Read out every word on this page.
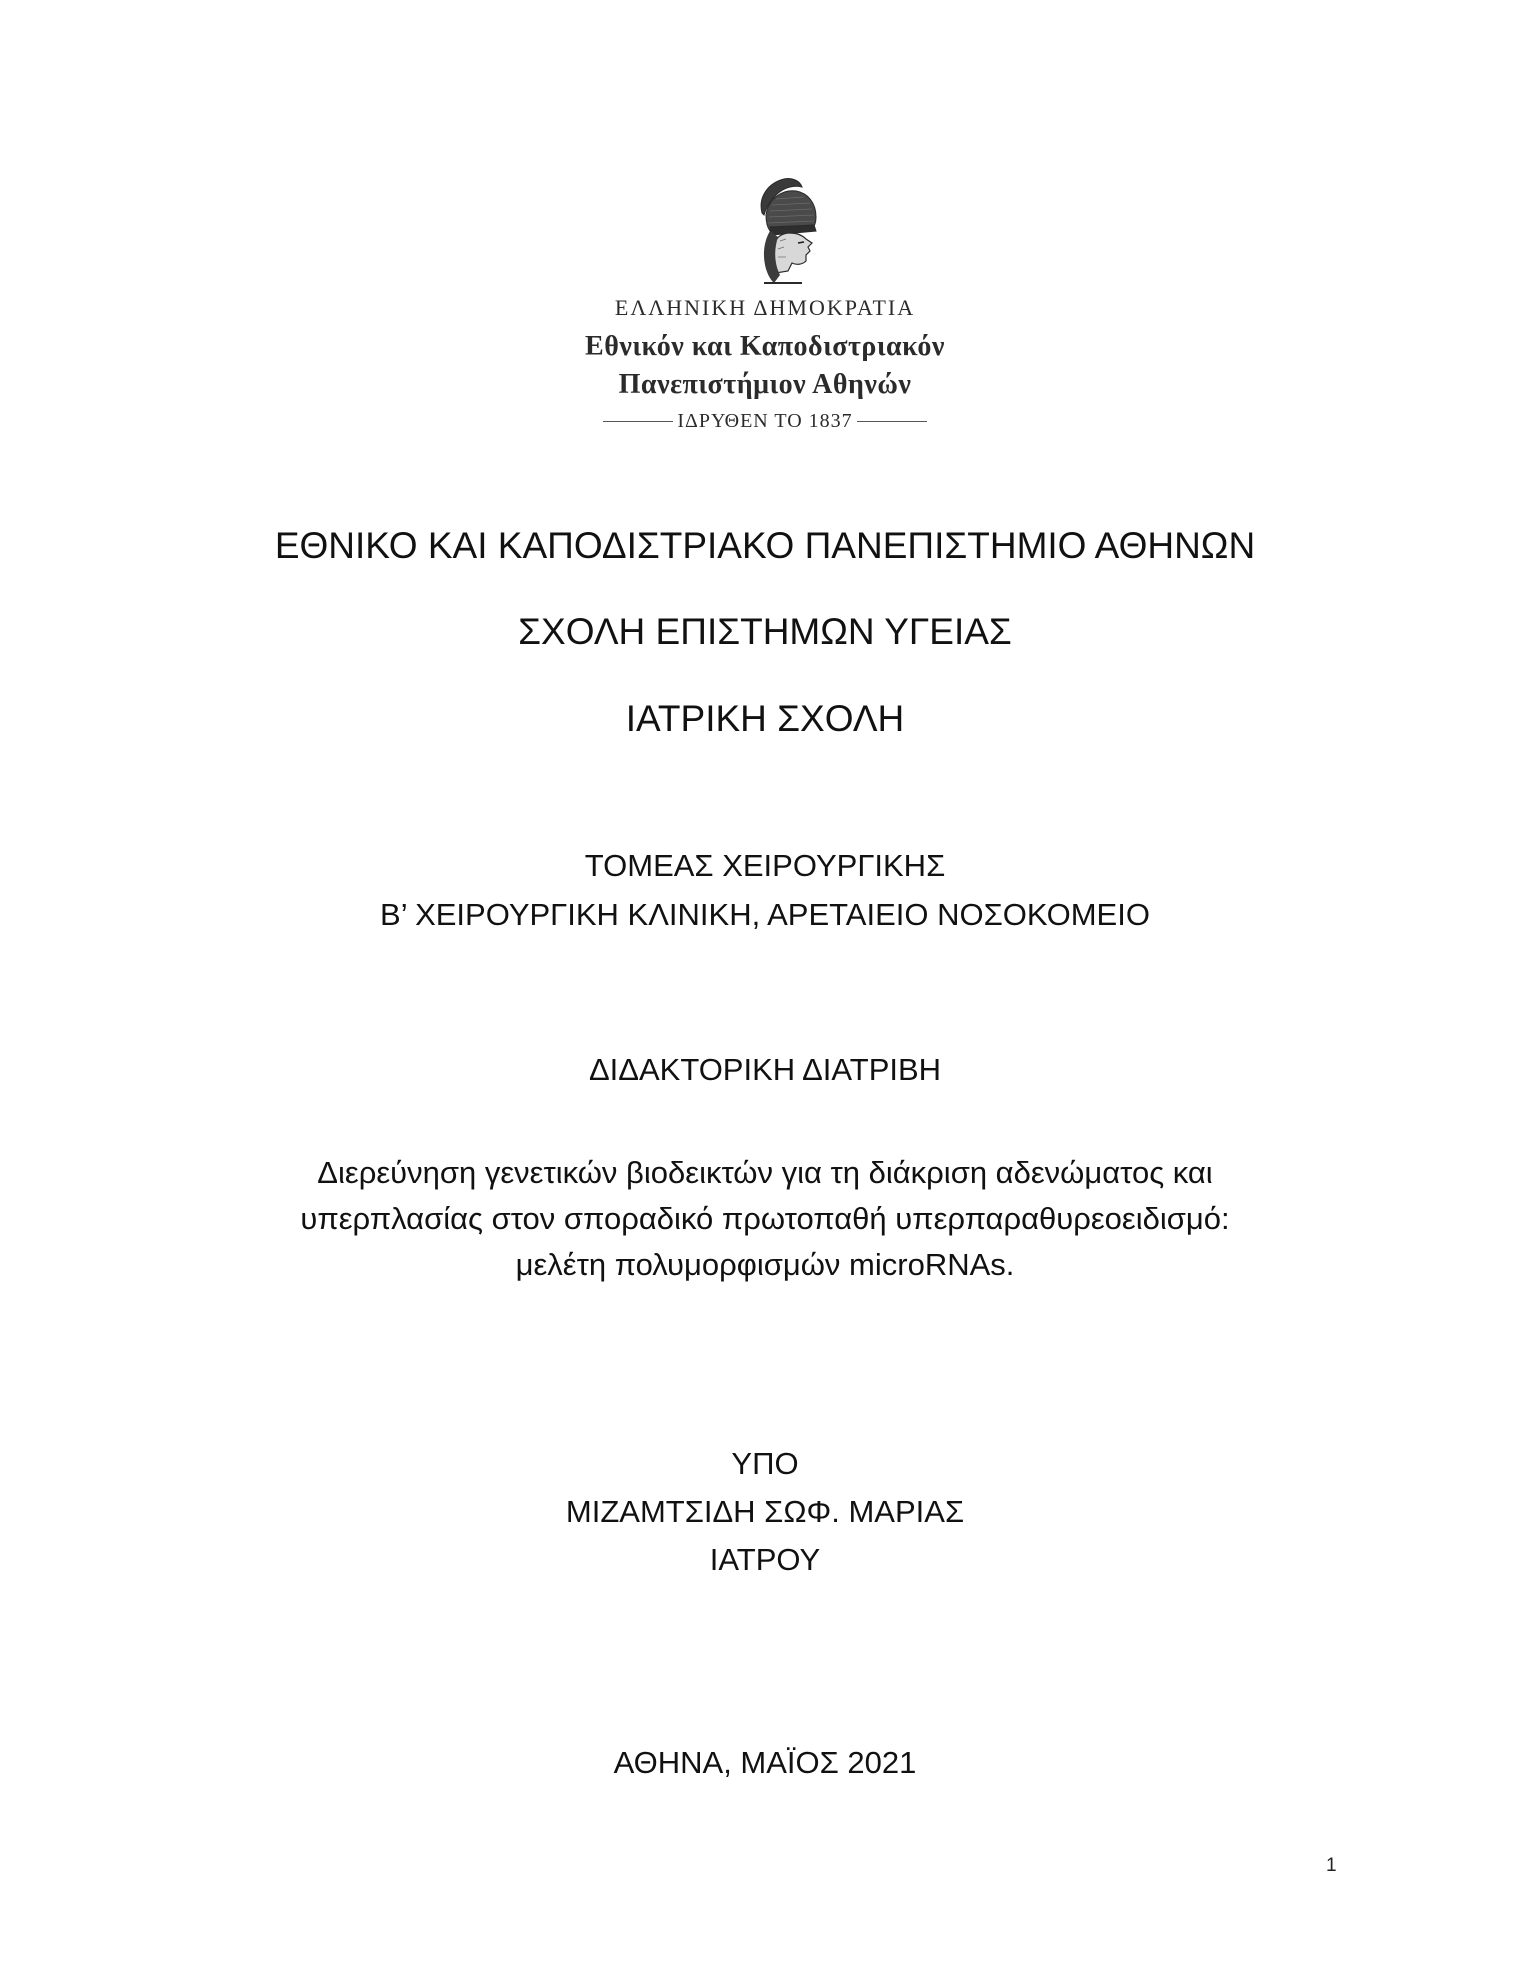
ΕΛΛΗΝΙΚΗ ΔΗΜΟΚΡΑΤΙΑ
Εθνικόν και Καποδιστριακόν
Πανεπιστήμιον Αθηνών
ΙΔΡΥΘΕΝ ΤΟ 1837
ΕΘΝΙΚΟ ΚΑΙ ΚΑΠΟΔΙΣΤΡΙΑΚΟ ΠΑΝΕΠΙΣΤΗΜΙΟ ΑΘΗΝΩΝ
ΣΧΟΛΗ ΕΠΙΣΤΗΜΩΝ ΥΓΕΙΑΣ
ΙΑΤΡΙΚΗ ΣΧΟΛΗ
ΤΟΜΕΑΣ ΧΕΙΡΟΥΡΓΙΚΗΣ
Β’ ΧΕΙΡΟΥΡΓΙΚΗ ΚΛΙΝΙΚΗ, ΑΡΕΤΑΙΕΙΟ ΝΟΣΟΚΟΜΕΙΟ
ΔΙΔΑΚΤΟΡΙΚΗ ΔΙΑΤΡΙΒΗ
Διερεύνηση γενετικών βιοδεικτών για τη διάκριση αδενώματος και
υπερπλασίας στον σποραδικό πρωτοπαθή υπερπαραθυρεοειδισμό:
μελέτη πολυμορφισμών microRNAs.
ΥΠΟ
ΜΙΖΑΜΤΣΙΔΗ ΣΩΦ. ΜΑΡΙΑΣ
ΙΑΤΡΟΥ
ΑΘΗΝΑ, ΜΑΪΟΣ 2021
1
